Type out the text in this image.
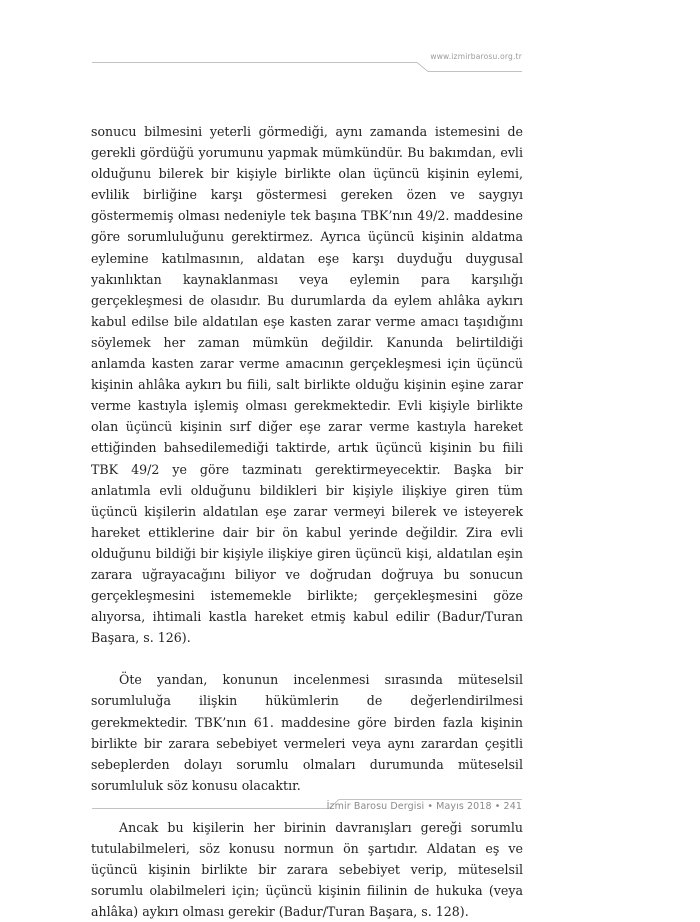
www.izmirbarosu.org.tr

sonucu bilmesini yeterli görmediği, aynı zamanda istemesini de gerekli gördüğü yorumunu yapmak mümkündür. Bu bakımdan, evli olduğunu bilerek bir kişiyle birlikte olan üçüncü kişinin eylemi, evlilik birliğine karşı göstermesi gereken özen ve saygıyı göstermemiş olması nedeniyle tek başına TBK’nın 49/2. maddesine göre sorumluluğunu gerektirmez. Ayrıca üçüncü kişinin aldatma eylemine katılmasının, aldatan eşe karşı duyduğu duygusal yakınlıktan kaynaklanması veya eylemin para karşılığı gerçekleşmesi de olasıdır. Bu durumlarda da eylem ahlâka aykırı kabul edilse bile aldatılan eşe kasten zarar verme amacı taşıdığını söylemek her zaman mümkün değildir. Kanunda belirtildiği anlamda kasten zarar verme amacının gerçekleşmesi için üçüncü kişinin ahlâka aykırı bu fiili, salt birlikte olduğu kişinin eşine zarar verme kastıyla işlemiş olması gerekmektedir. Evli kişiyle birlikte olan üçüncü kişinin sırf diğer eşe zarar verme kastıyla hareket ettiğinden bahsedilemediği taktirde, artık üçüncü kişinin bu fiili TBK 49/2 ye göre tazminatı gerektirmeyecektir. Başka bir anlatımla evli olduğunu bildikleri bir kişiyle ilişkiye giren tüm üçüncü kişilerin aldatılan eşe zarar vermeyi bilerek ve isteyerek hareket ettiklerine dair bir ön kabul yerinde değildir. Zira evli olduğunu bildiği bir kişiyle ilişkiye giren üçüncü kişi, aldatılan eşin zarara uğrayacağını biliyor ve doğrudan doğruya bu sonucun gerçekleşmesini istememekle birlikte; gerçekleşmesini göze alıyorsa, ihtimali kastla hareket etmiş kabul edilir (Badur/Turan Başara, s. 126).

Öte yandan, konunun incelenmesi sırasında müteselsil sorumluluğa ilişkin hükümlerin de değerlendirilmesi gerekmektedir. TBK’nın 61. maddesine göre birden fazla kişinin birlikte bir zarara sebebiyet vermeleri veya aynı zarardan çeşitli sebeplerden dolayı sorumlu olmaları durumunda müteselsil sorumluluk söz konusu olacaktır.

Ancak bu kişilerin her birinin davranışları gereği sorumlu tutulabilmeleri, söz konusu normun ön şartıdır. Aldatan eş ve üçüncü kişinin birlikte bir zarara sebebiyet verip, müteselsil sorumlu olabilmeleri için; üçüncü kişinin fiilinin de hukuka (veya ahlâka) aykırı olması gerekir (Badur/Turan Başara, s. 128).

İzmir Barosu Dergisi • Mayıs 2018 • 241
